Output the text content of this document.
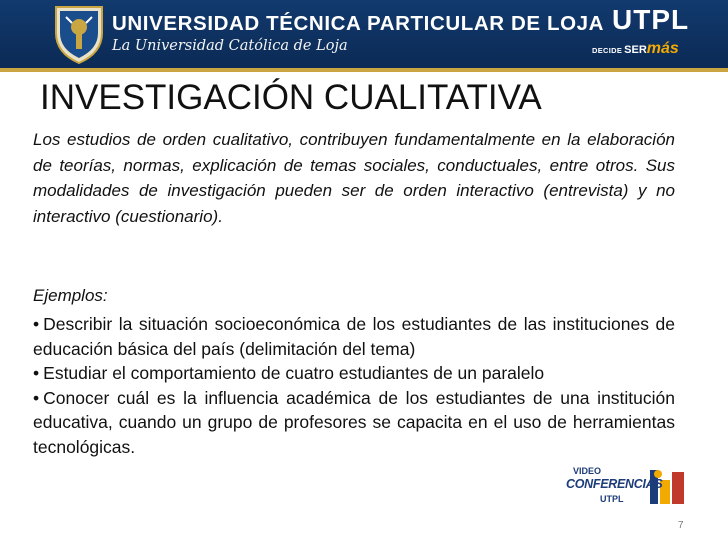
UNIVERSIDAD TÉCNICA PARTICULAR DE LOJA
La Universidad Católica de Loja
UTPL
DECIDE SERmás
INVESTIGACIÓN CUALITATIVA

Los estudios de orden cualitativo, contribuyen fundamentalmente en la elaboración de teorías, normas, explicación de temas sociales, conductuales, entre otros. Sus modalidades de investigación pueden ser de orden interactivo (entrevista) y no interactivo (cuestionario).

Ejemplos:

• Describir la situación socioeconómica de los estudiantes de las instituciones de educación básica del país (delimitación del tema)
• Estudiar el comportamiento de cuatro estudiantes de un paralelo
• Conocer cuál es la influencia académica de los estudiantes de una institución educativa, cuando un grupo de profesores se capacita en el uso de herramientas tecnológicas.
VIDEO
CONFERENCIAS
UTPL
7
